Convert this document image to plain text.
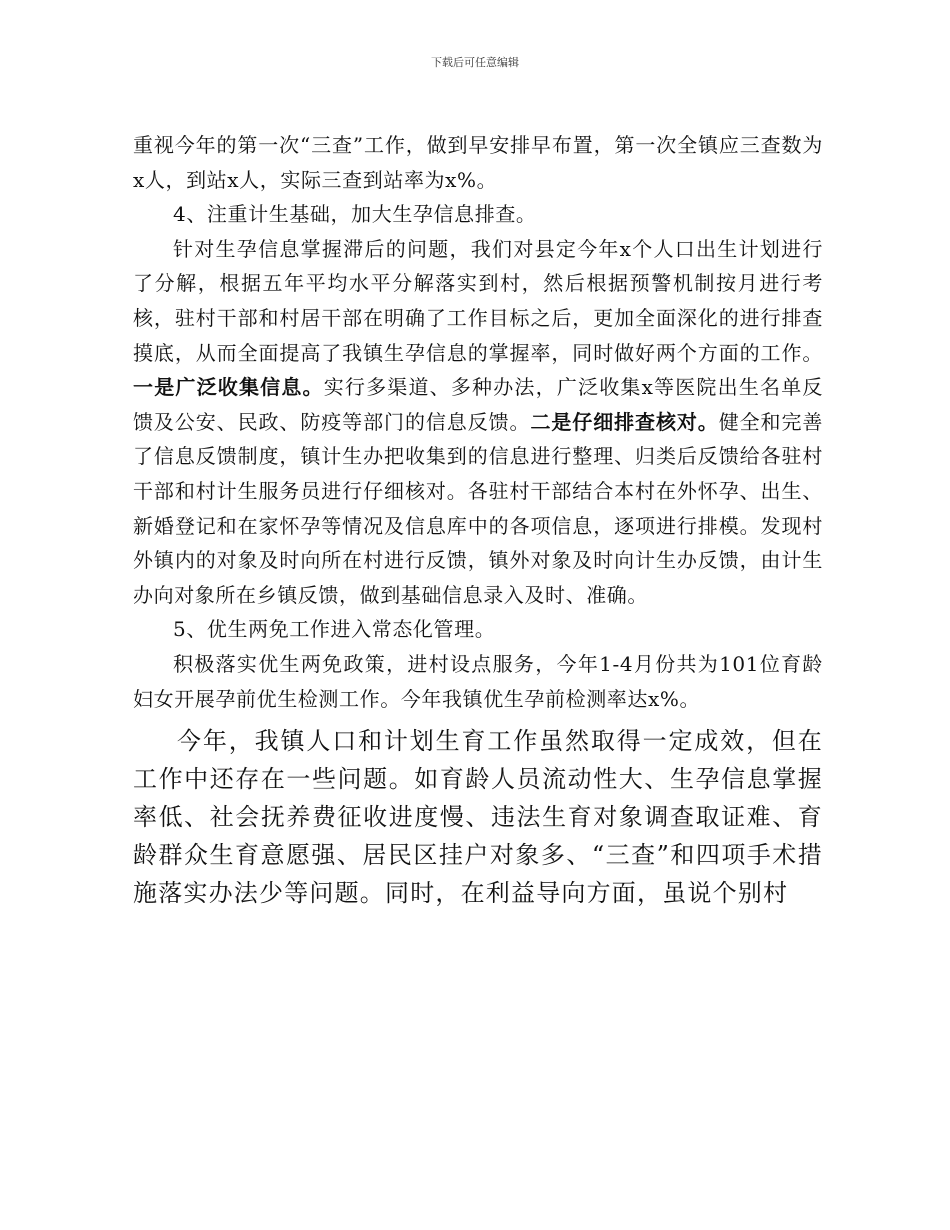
下载后可任意编辑

重视今年的第一次“三查”工作，做到早安排早布置，第一次全镇应三查数为x人，到站x人，实际三查到站率为x%。

4、注重计生基础，加大生孕信息排查。

针对生孕信息掌握滞后的问题，我们对县定今年x个人口出生计划进行了分解，根据五年平均水平分解落实到村，然后根据预警机制按月进行考核，驻村干部和村居干部在明确了工作目标之后，更加全面深化的进行排查摸底，从而全面提高了我镇生孕信息的掌握率，同时做好两个方面的工作。一是广泛收集信息。实行多渠道、多种办法，广泛收集x等医院出生名单反馈及公安、民政、防疫等部门的信息反馈。二是仔细排查核对。健全和完善了信息反馈制度，镇计生办把收集到的信息进行整理、归类后反馈给各驻村干部和村计生服务员进行仔细核对。各驻村干部结合本村在外怀孕、出生、新婚登记和在家怀孕等情况及信息库中的各项信息，逐项进行排模。发现村外镇内的对象及时向所在村进行反馈，镇外对象及时向计生办反馈，由计生办向对象所在乡镇反馈，做到基础信息录入及时、准确。

5、优生两免工作进入常态化管理。

积极落实优生两免政策，进村设点服务，今年1-4月份共为101位育龄妇女开展孕前优生检测工作。今年我镇优生孕前检测率达x%。

今年，我镇人口和计划生育工作虽然取得一定成效，但在工作中还存在一些问题。如育龄人员流动性大、生孕信息掌握率低、社会抚养费征收进度慢、违法生育对象调查取证难、育龄群众生育意愿强、居民区挂户对象多、“三查”和四项手术措施落实办法少等问题。同时，在利益导向方面，虽说个别村
